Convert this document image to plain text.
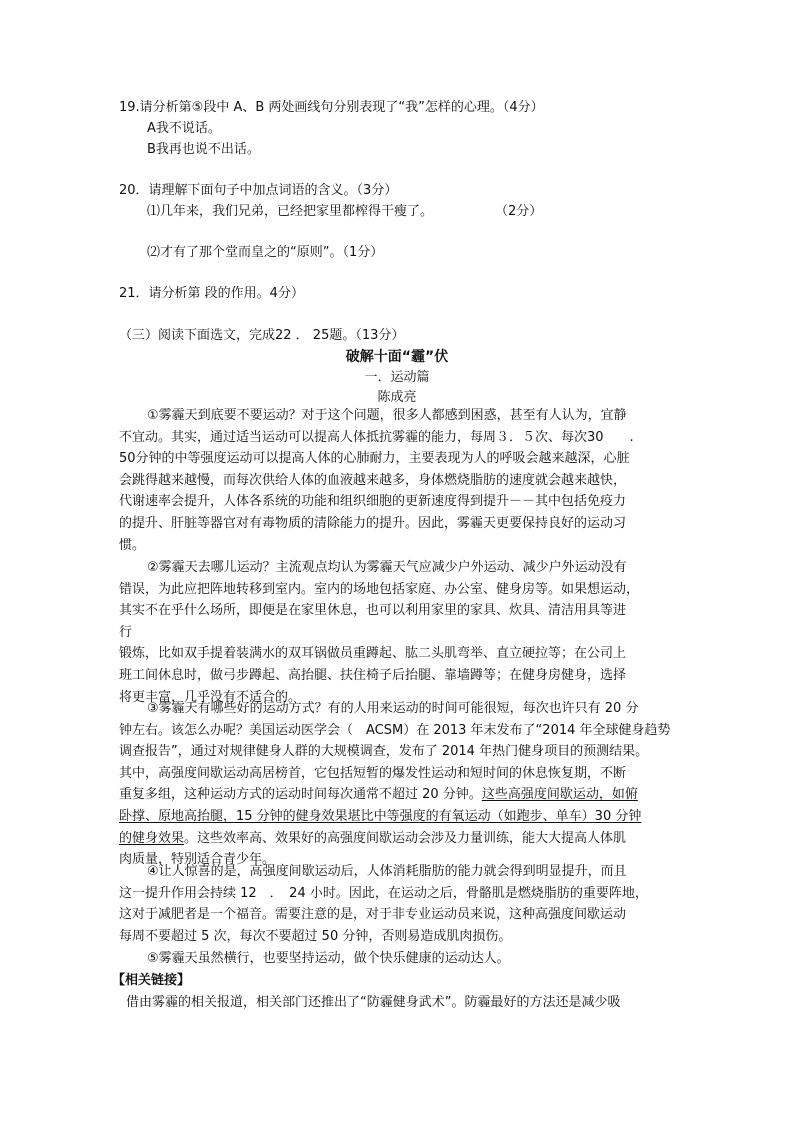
19.请分析第⑤段中 A、B 两处画线句分别表现了“我”怎样的心理。（4分）
A我不说话。
B我再也说不出话。
20．请理解下面句子中加点词语的含义。（3分）
⑴几年来，我们兄弟，已经把家里都榨得干瘦了。	（2分）
⑵才有了那个堂而皇之的“原则”。（1分）
21．请分析第 段的作用。4分）
（三）阅读下面选文，完成22 ． 25题。（13分）
破解十面“霾”伏
一．运动篇
陈成亮

①雾霾天到底要不要运动？对于这个问题，很多人都感到困惑，甚至有人认为，宜静

不宜动。其实，通过适当运动可以提高人体抵抗雾霾的能力，每周３．５次、每次30　　.

50分钟的中等强度运动可以提高人体的心肺耐力，主要表现为人的呼吸会越来越深，心脏

会跳得越来越慢，而每次供给人体的血液越来越多，身体燃烧脂肪的速度就会越来越快，

代谢速率会提升，人体各系统的功能和组织细胞的更新速度得到提升－－其中包括免疫力

的提升、肝脏等器官对有毒物质的清除能力的提升。因此，雾霾天更要保持良好的运动习

惯。

②雾霾天去哪儿运动？主流观点均认为雾霾天气应减少户外运动、减少户外运动没有

错误，为此应把阵地转移到室内。室内的场地包括家庭、办公室、健身房等。如果想运动，

其实不在乎什么场所，即便是在家里休息，也可以利用家里的家具、炊具、清洁用具等进

行

锻炼，比如双手提着装满水的双耳锅做员重蹲起、肱二头肌弯举、直立硬拉等；在公司上

班工间休息时，做弓步蹲起、高抬腿、扶住椅子后抬腿、靠墙蹲等；在健身房健身，选择

将更丰富，几乎没有不适合的。

③雾霾天有哪些好的运动方式？有的人用来运动的时间可能很短，每次也许只有 20 分

钟左右。该怎么办呢？美国运动医学会（　ACSM）在 2013 年末发布了“2014 年全球健身趋势

调查报告”，通过对规律健身人群的大规模调查，发布了 2014 年热门健身项目的预测结果。

其中，高强度间歇运动高居榜首，它包括短暂的爆发性运动和短时间的休息恢复期，不断

重复多组，这种运动方式的运动时间每次通常不超过 20 分钟。这些高强度间歇运动，如俯

卧撑、原地高抬腿，15 分钟的健身效果堪比中等强度的有氧运动（如跑步、单车）30 分钟

的健身效果。这些效率高、效果好的高强度间歇运动会涉及力量训练，能大大提高人体肌

肉质量，特别适合青少年。

④让人惊喜的是，高强度间歇运动后，人体消耗脂肪的能力就会得到明显提升，而且

这一提升作用会持续 12　．　24 小时。因此，在运动之后，骨骼肌是燃烧脂肪的重要阵地，

这对于减肥者是一个福音。需要注意的是，对于非专业运动员来说，这种高强度间歇运动

每周不要超过 5 次，每次不要超过 50 分钟，否则易造成肌肉损伤。

⑤雾霾天虽然横行，也要坚持运动，做个快乐健康的运动达人。

【相关链接】
借由雾霾的相关报道，相关部门还推出了“防霾健身武术”。防霾最好的方法还是减少吸
